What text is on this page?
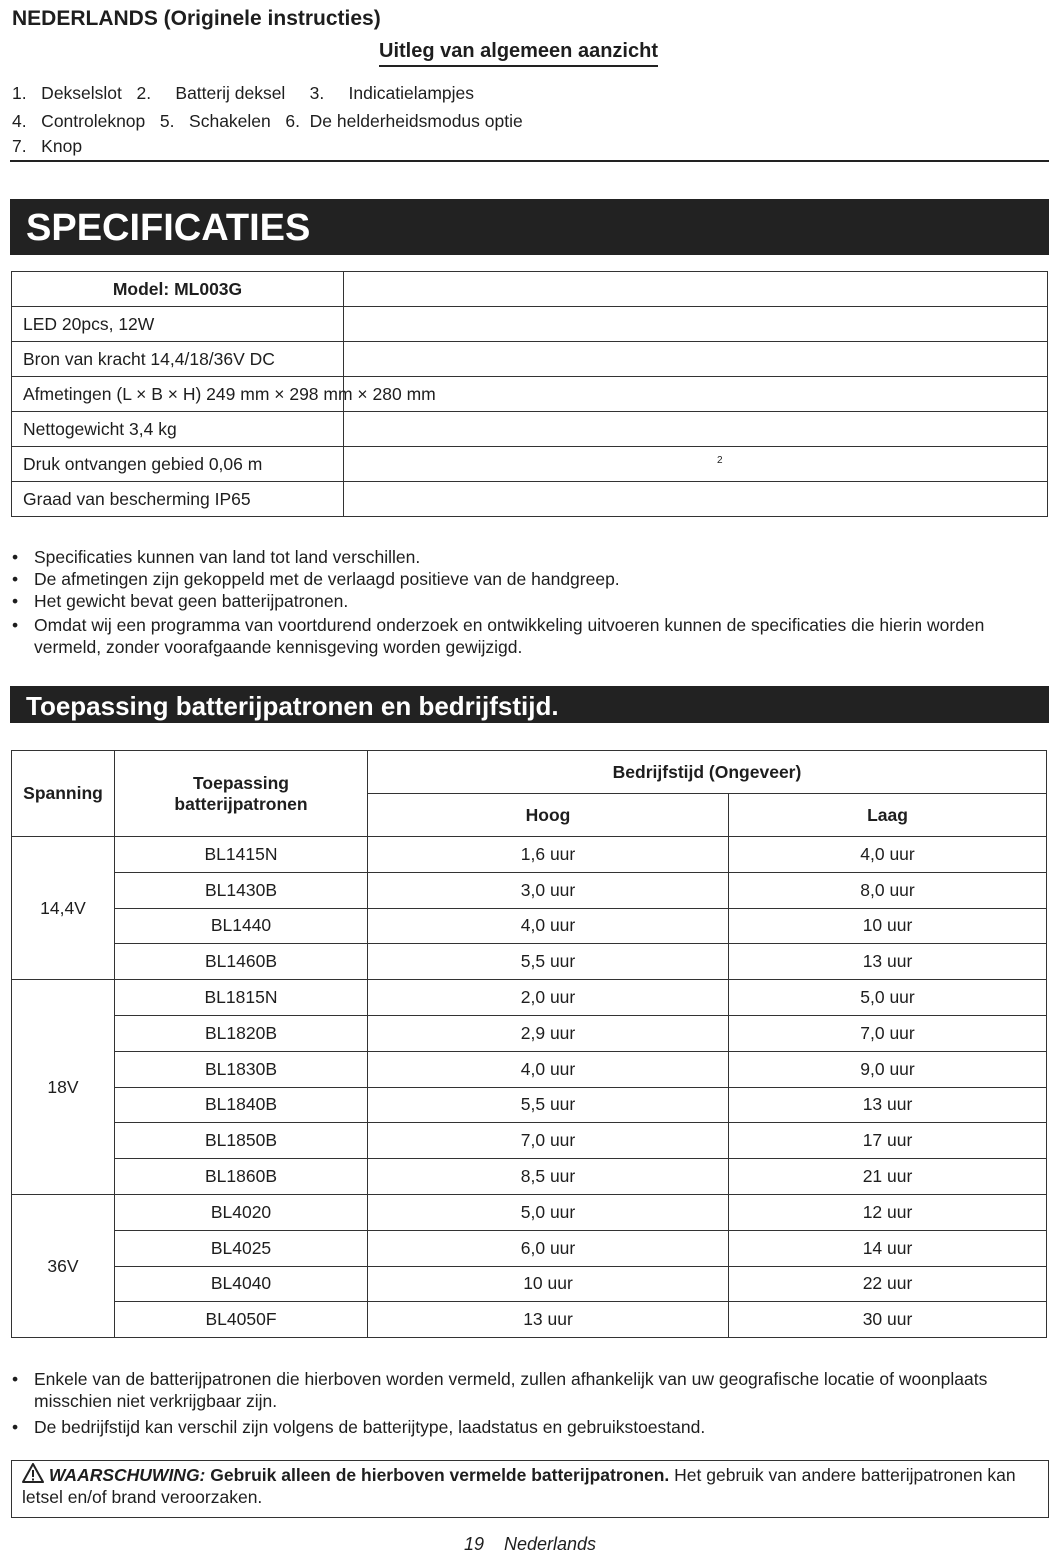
NEDERLANDS (Originele instructies)
Uitleg van algemeen aanzicht
1.   Dekselslot   2.     Batterij deksel     3.     Indicatielampjes
4.   Controleknop   5.   Schakelen   6.  De helderheidsmodus optie
7.   Knop
SPECIFICATIES
Model: ML003G	
LED 20pcs, 12W	
Bron van kracht 14,4/18/36V DC	

Afmetingen (L × B × H) 249 mm × 298 mm × 280 mm	

Nettogewicht 3,4 kg	
Druk ontvangen gebied 0,06 m	2

Graad van bescherming IP65	
• Specificaties kunnen van land tot land verschillen.
• De afmetingen zijn gekoppeld met de verlaagd positieve van de handgreep.
• Het gewicht bevat geen batterijpatronen.
• Omdat wij een programma van voortdurend onderzoek en ontwikkeling uitvoeren kunnen de specificaties die hierin worden vermeld, zonder voorafgaande kennisgeving worden gewijzigd.
Toepassing batterijpatronen en bedrijfstijd.
Spanning	Toepassing batterijpatronen	Bedrijfstijd (Ongeveer)	
		Hoog	Laag
14,4V	BL1415N	1,6 uur	4,0 uur
	BL1430B	3,0 uur	8,0 uur
	BL1440	4,0 uur	10 uur
	BL1460B	5,5 uur	13 uur
18V	BL1815N	2,0 uur	5,0 uur
	BL1820B	2,9 uur	7,0 uur
	BL1830B	4,0 uur	9,0 uur
	BL1840B	5,5 uur	13 uur
	BL1850B	7,0 uur	17 uur
	BL1860B	8,5 uur	21 uur
36V	BL4020	5,0 uur	12 uur
	BL4025	6,0 uur	14 uur
	BL4040	10 uur	22 uur
	BL4050F	13 uur	30 uur
• Enkele van de batterijpatronen die hierboven worden vermeld, zullen afhankelijk van uw geografische locatie of woonplaats misschien niet verkrijgbaar zijn.
• De bedrijfstijd kan verschil zijn volgens de batterijtype, laadstatus en gebruikstoestand.
WAARSCHUWING: Gebruik alleen de hierboven vermelde batterijpatronen. Het gebruik van andere batterijpatronen kan letsel en/of brand veroorzaken.
19 Nederlands
